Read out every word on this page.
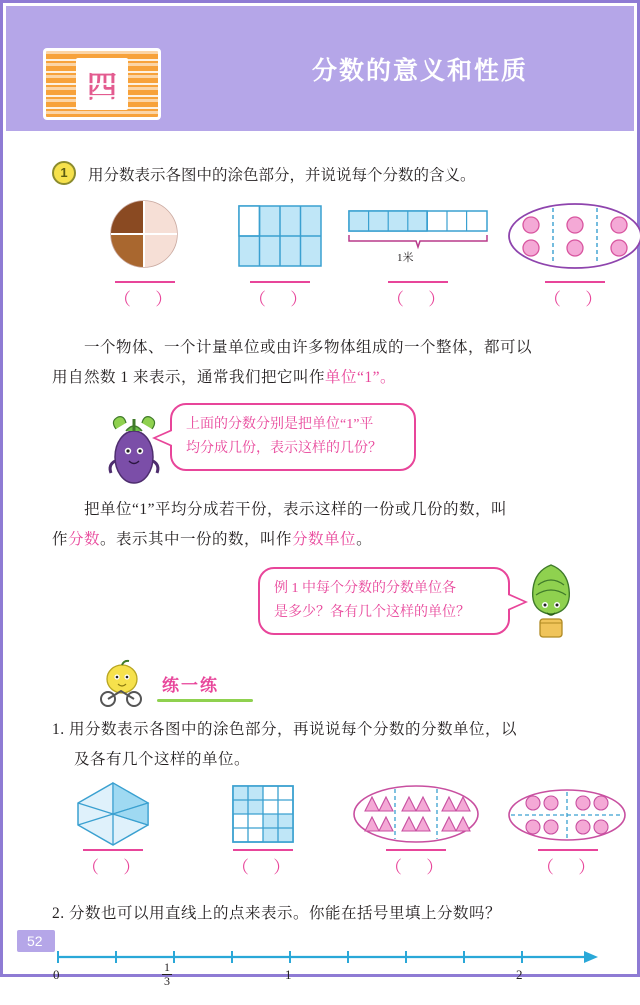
四
分数的意义和性质
1	用分数表示各图中的涂色部分，并说说每个分数的含义。
1米
（ ）	（ ）	（ ）	（ ）
一个物体、一个计量单位或由许多物体组成的一个整体，都可以
用自然数 1 来表示，通常我们把它叫作单位“1”。
上面的分数分别是把单位“1”平
均分成几份，表示这样的几份？
把单位“1”平均分成若干份，表示这样的一份或几份的数，叫
作分数。表示其中一份的数，叫作分数单位。
例 1 中每个分数的分数单位各
是多少？各有几个这样的单位？
练一练
1. 用分数表示各图中的涂色部分，再说说每个分数的分数单位，以
及各有几个这样的单位。
（ ）	（ ）	（ ）	（ ）
2. 分数也可以用直线上的点来表示。你能在括号里填上分数吗？
0	$\frac{1}{3}$	1	2
52
